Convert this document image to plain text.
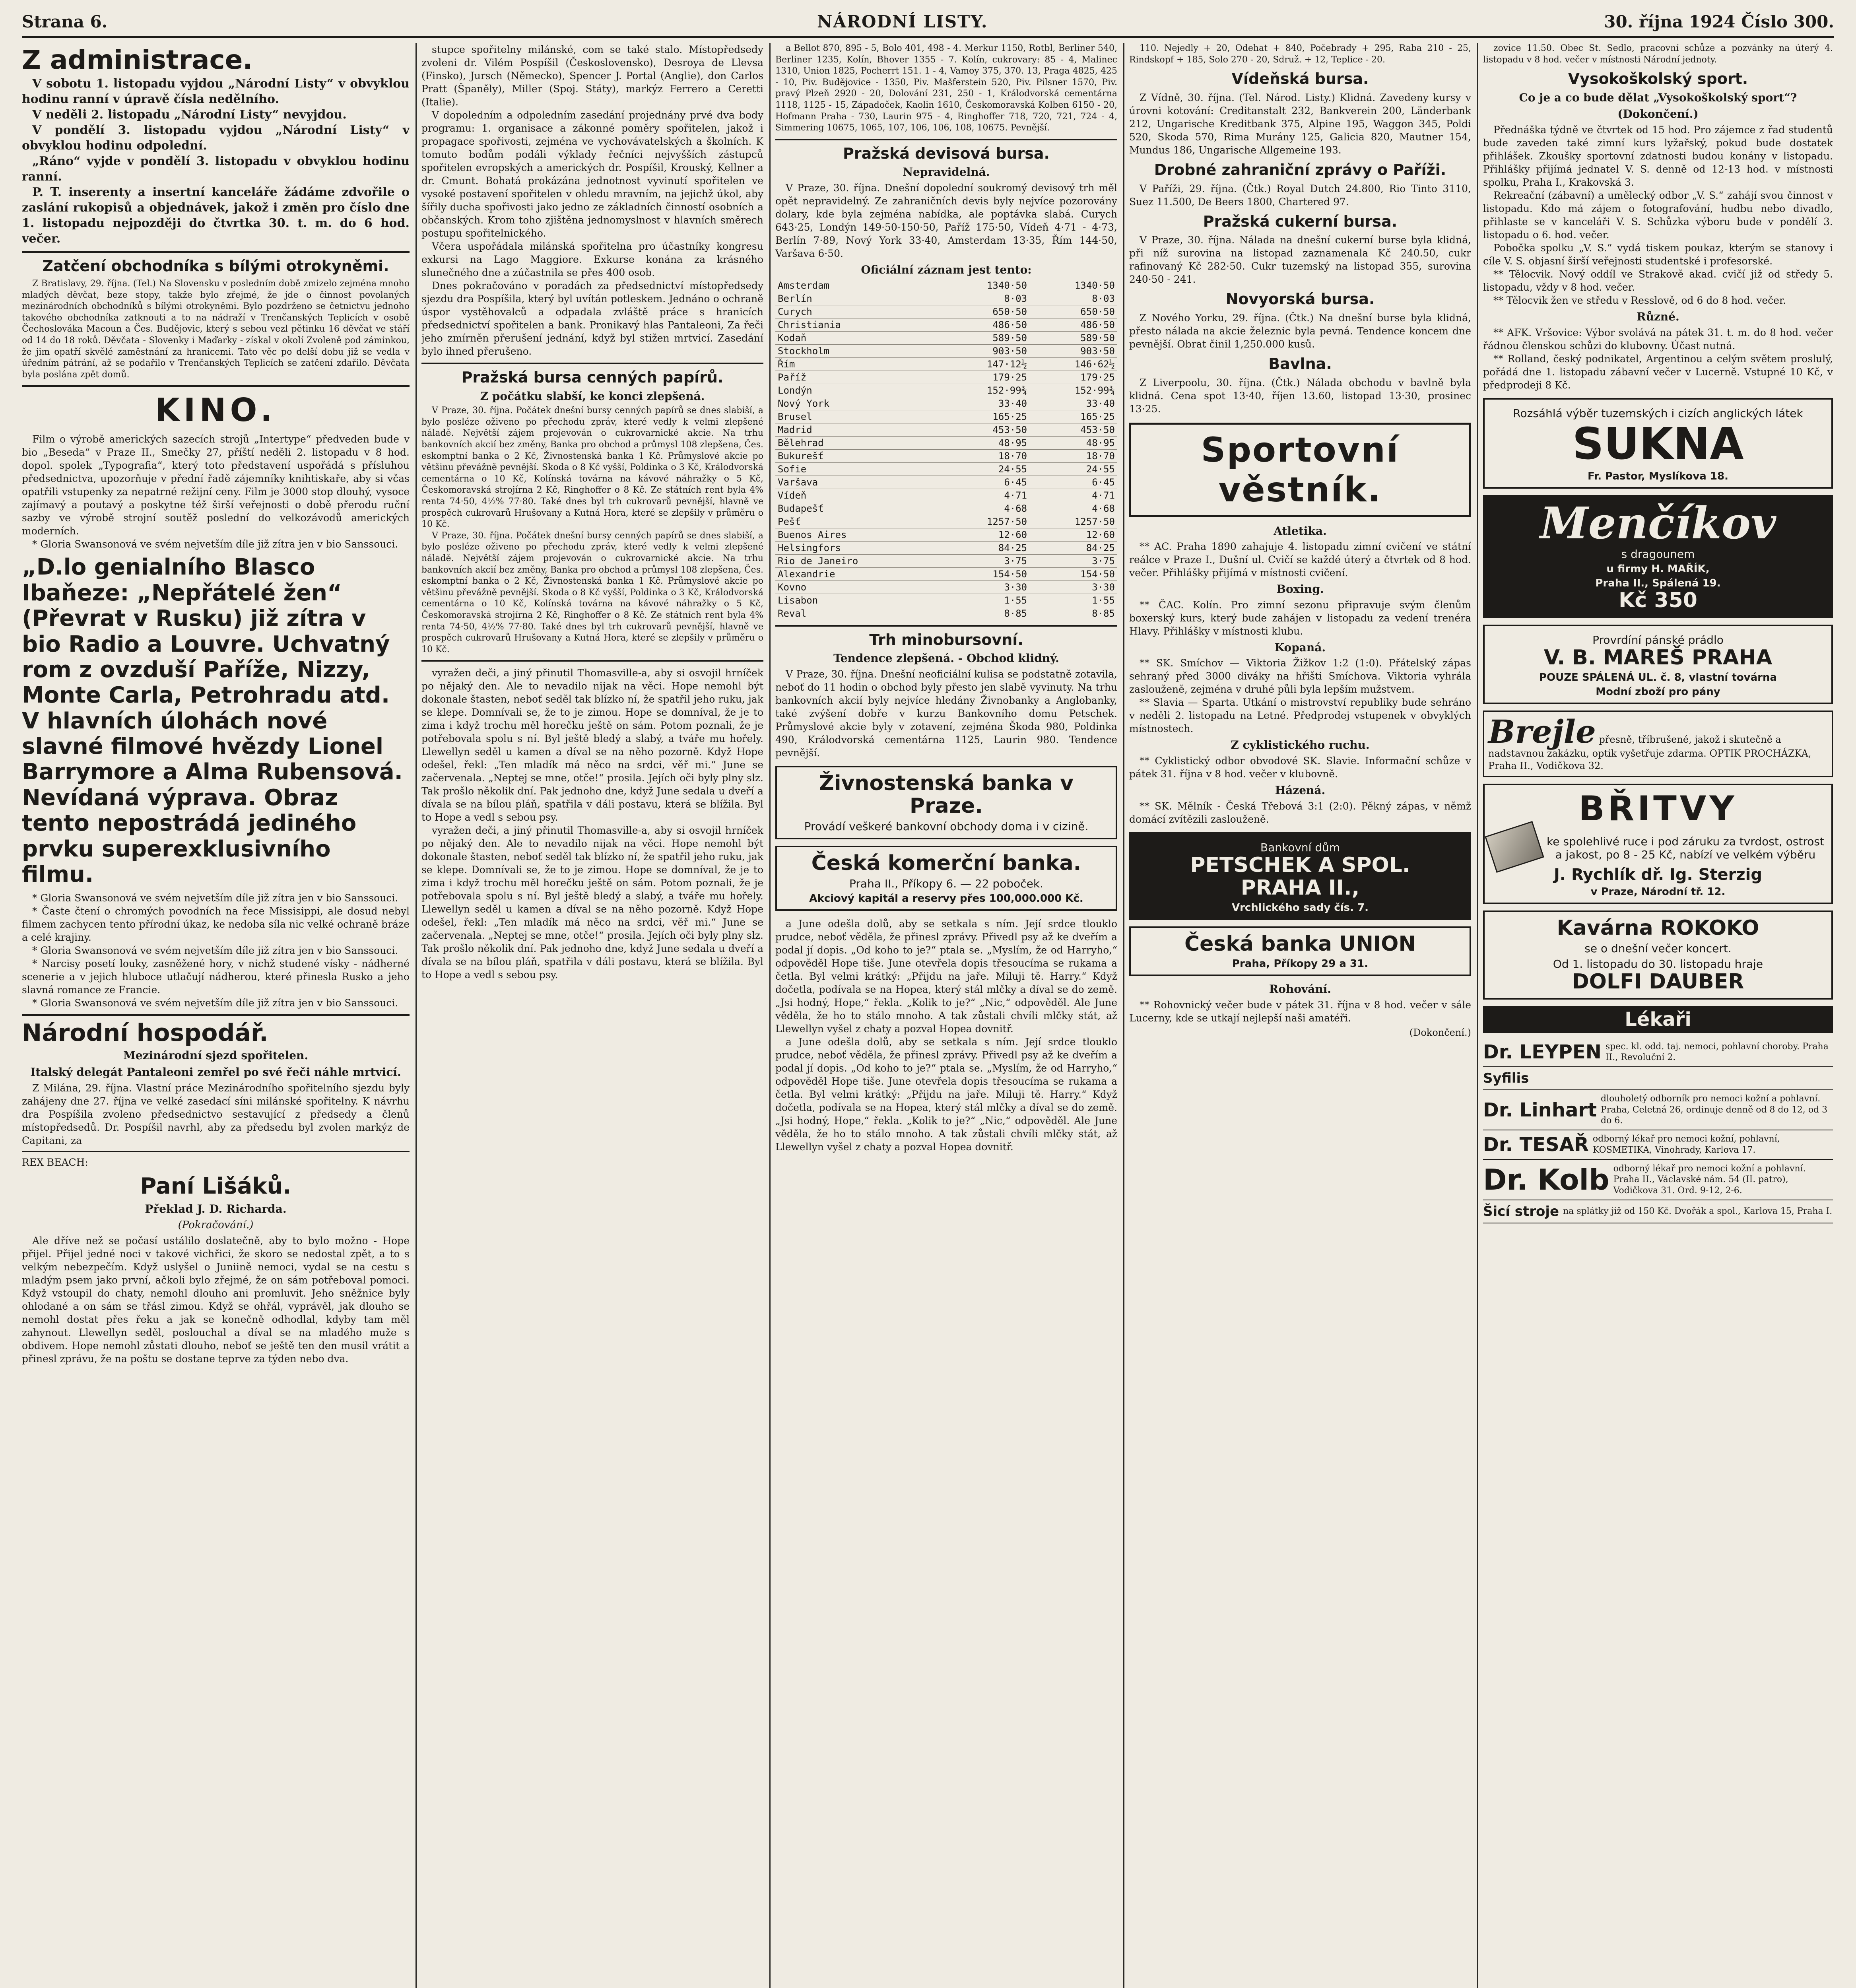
Strana 6.	NÁRODNÍ LISTY.	30. října 1924 Číslo 300.
Z administrace.

V sobotu 1. listopadu vyjdou „Národní Listy“ v obvyklou hodinu ranní v úpravě čísla nedělního.

V neděli 2. listopadu „Národní Listy“ nevyjdou.

V pondělí 3. listopadu vyjdou „Národní Listy“ v obvyklou hodinu odpolední.

„Ráno“ vyjde v pondělí 3. listopadu v obvyklou hodinu ranní.

P. T. inserenty a insertní kanceláře žádáme zdvořile o zaslání rukopisů a objednávek, jakož i změn pro číslo dne 1. listopadu nejpozději do čtvrtka 30. t. m. do 6 hod. večer.

Zatčení obchodníka s bílými otrokyněmi.

Z Bratislavy, 29. října. (Tel.) Na Slovensku v posledním době zmizelo zejména mnoho mladých děvčat, beze stopy, takže bylo zřejmé, že jde o činnost povolaných mezinárodních obchodníků s bílými otrokyněmi. Bylo pozdrženo se četnictvu jednoho takového obchodníka zatknouti a to na nádraží v Trenčanských Teplicích v osobě Čechoslováka Macoun a Čes. Budějovic, který s sebou vezl pětinku 16 děvčat ve stáří od 14 do 18 roků. Děvčata - Slovenky i Maďarky - získal v okolí Zvoleně pod záminkou, že jim opatří skvělé zaměstnání za hranicemi. Tato věc po delší dobu již se vedla v úředním pátrání, až se podařilo v Trenčanských Teplicích se zatčení zdařilo. Děvčata byla poslána zpět domů.

KINO.

Film o výrobě amerických sazecích strojů „Intertype“ předveden bude v bio „Beseda“ v Praze II., Smečky 27, příští neděli 2. listopadu v 8 hod. dopol. spolek „Typografia“, který toto představení uspořádá s přísluhou předsednictva, upozorňuje v přední řadě zájemníky knihtiskaře, aby si včas opatřili vstupenky za nepatrné režijní ceny. Film je 3000 stop dlouhý, vysoce zajímavý a poutavý a poskytne též širší veřejnosti o době přerodu ruční sazby ve výrobě strojní soutěž poslední do velkozávodů amerických moderních.

* Gloria Swansonová ve svém nejvetším díle již zítra jen v bio Sanssouci.

„D.lo genialního Blasco Ibaňeze: „Nepřátelé žen“ (Převrat v Rusku) již zítra v bio Radio a Louvre. Uchvatný rom z ovzduší Paříže, Nizzy, Monte Carla, Petrohradu atd. V hlavních úlohách nové slavné filmové hvězdy Lionel Barrymore a Alma Rubensová. Nevídaná výprava. Obraz tento nepostrádá jediného prvku superexklusivního filmu.

* Gloria Swansonová ve svém nejvetším díle již zítra jen v bio Sanssouci.

* Časte čtení o chromých povodních na řece Missisippi, ale dosud nebyl filmem zachycen tento přírodní úkaz, ke nedoba síla nic velké ochraně bráze a celé krajiny.

* Gloria Swansonová ve svém nejvetším díle již zítra jen v bio Sanssouci.

* Narcisy posetí louky, zasněžené hory, v nichž studené vísky - nádherné scenerie a v jejich hluboce utlačují nádherou, které přinesla Rusko a jeho slavná romance ze Francie.

* Gloria Swansonová ve svém nejvetším díle již zítra jen v bio Sanssouci.

Národní hospodář.
Mezinárodní sjezd spořitelen.
Italský delegát Pantaleoni zemřel po své řeči náhle mrtvicí.

Z Milána, 29. října. Vlastní práce Mezinárodního spořitelního sjezdu byly zahájeny dne 27. října ve velké zasedací síni milánské spořitelny. K návrhu dra Pospíšila zvoleno předsednictvo sestavující z předsedy a členů místopředsedů. Dr. Pospíšil navrhl, aby za předsedu byl zvolen markýz de Capitani, za

REX BEACH:

Paní Lišáků.
Překlad J. D. Richarda.
(Pokračování.)

Ale dříve než se počasí ustálilo doslatečně, aby to bylo možno - Hope přijel. Přijel jedné noci v takové vichřici, že skoro se nedostal zpět, a to s velkým nebezpečím. Když uslyšel o Juniině nemoci, vydal se na cestu s mladým psem jako první, ačkoli bylo zřejmé, že on sám potřeboval pomoci. Když vstoupil do chaty, nemohl dlouho ani promluvit. Jeho sněžnice byly ohlodané a on sám se třásl zimou. Když se ohřál, vyprávěl, jak dlouho se nemohl dostat přes řeku a jak se konečně odhodlal, kdyby tam měl zahynout. Llewellyn seděl, poslouchal a díval se na mladého muže s obdivem. Hope nemohl zůstati dlouho, neboť se ještě ten den musil vrátit a přinesl zprávu, že na poštu se dostane teprve za týden nebo dva.

stupce spořitelny milánské, com se také stalo. Místopředsedy zvoleni dr. Vilém Pospíšil (Československo), Desroya de Llevsa (Finsko), Jursch (Německo), Spencer J. Portal (Anglie), don Carlos Pratt (Španěly), Miller (Spoj. Státy), markýz Ferrero a Ceretti (Italie).

V dopoledním a odpoledním zasedání projednány prvé dva body programu: 1. organisace a zákonné poměry spořitelen, jakož i propagace spořivosti, zejména ve vychovávatelských a školních. K tomuto bodům podáli výklady řečníci nejvyšších zástupců spořitelen evropských a amerických dr. Pospíšil, Krouský, Kellner a dr. Cmunt. Bohatá prokázána jednotnost vyvinutí spořitelen ve vysoké postavení spořitelen v ohledu mravním, na jejichž úkol, aby šířily ducha spořivosti jako jedno ze základních činností osobních a občanských. Krom toho zjištěna jednomyslnost v hlavních směrech postupu spořitelnického.

Včera uspořádala milánská spořitelna pro účastníky kongresu exkursi na Lago Maggiore. Exkurse konána za krásného slunečného dne a zúčastnila se přes 400 osob.

Dnes pokračováno v poradách za předsednictví místopředsedy sjezdu dra Pospíšila, který byl uvítán potleskem. Jednáno o ochraně úspor vystěhovalců a odpadala zvláště práce s hranicích předsednictví spořitelen a bank. Pronikavý hlas Pantaleoni, Za řeči jeho zmírněn přerušení jednání, když byl stižen mrtvicí. Zasedání bylo ihned přerušeno.

Pražská bursa cenných papírů.
Z počátku slabší, ke konci zlepšená.

V Praze, 30. října. Počátek dnešní bursy cenných papírů se dnes slabiší, a bylo posléze oživeno po přechodu zpráv, které vedly k velmi zlepšené náladě. Největší zájem projevován o cukrovarnické akcie. Na trhu bankovních akcií bez změny, Banka pro obchod a průmysl 108 zlepšena, Čes. eskomptní banka o 2 Kč, Živnostenská banka 1 Kč. Průmyslové akcie po většinu převážně pevnější. Skoda o 8 Kč vyšší, Poldinka o 3 Kč, Králodvorská cementárna o 10 Kč, Kolínská továrna na kávové náhražky o 5 Kč, Českomoravská strojírna 2 Kč, Ringhoffer o 8 Kč. Ze státních rent byla 4% renta 74·50, 4½% 77·80. Také dnes byl trh cukrovarů pevnější, hlavně ve prospěch cukrovarů Hrušovany a Kutná Hora, které se zlepšily v průměru o 10 Kč.

V Praze, 30. října. Počátek dnešní bursy cenných papírů se dnes slabiší, a bylo posléze oživeno po přechodu zpráv, které vedly k velmi zlepšené náladě. Největší zájem projevován o cukrovarnické akcie. Na trhu bankovních akcií bez změny, Banka pro obchod a průmysl 108 zlepšena, Čes. eskomptní banka o 2 Kč, Živnostenská banka 1 Kč. Průmyslové akcie po většinu převážně pevnější. Skoda o 8 Kč vyšší, Poldinka o 3 Kč, Králodvorská cementárna o 10 Kč, Kolínská továrna na kávové náhražky o 5 Kč, Českomoravská strojírna 2 Kč, Ringhoffer o 8 Kč. Ze státních rent byla 4% renta 74·50, 4½% 77·80. Také dnes byl trh cukrovarů pevnější, hlavně ve prospěch cukrovarů Hrušovany a Kutná Hora, které se zlepšily v průměru o 10 Kč.

vyražen deči, a jiný přinutil Thomasville-a, aby si osvojil hrníček po nějaký den. Ale to nevadilo nijak na věci. Hope nemohl být dokonale štasten, neboť seděl tak blízko ní, že spatřil jeho ruku, jak se klepe. Domnívali se, že to je zimou. Hope se domníval, že je to zima i když trochu měl horečku ještě on sám. Potom poznali, že je potřebovala spolu s ní. Byl ještě bledý a slabý, a tváře mu hořely. Llewellyn seděl u kamen a díval se na něho pozorně. Když Hope odešel, řekl: „Ten mladík má něco na srdci, věř mi.“ June se začervenala. „Neptej se mne, otče!“ prosila. Jejích oči byly plny slz. Tak prošlo několik dní. Pak jednoho dne, když June sedala u dveří a dívala se na bílou pláň, spatřila v dáli postavu, která se blížila. Byl to Hope a vedl s sebou psy.

vyražen deči, a jiný přinutil Thomasville-a, aby si osvojil hrníček po nějaký den. Ale to nevadilo nijak na věci. Hope nemohl být dokonale štasten, neboť seděl tak blízko ní, že spatřil jeho ruku, jak se klepe. Domnívali se, že to je zimou. Hope se domníval, že je to zima i když trochu měl horečku ještě on sám. Potom poznali, že je potřebovala spolu s ní. Byl ještě bledý a slabý, a tváře mu hořely. Llewellyn seděl u kamen a díval se na něho pozorně. Když Hope odešel, řekl: „Ten mladík má něco na srdci, věř mi.“ June se začervenala. „Neptej se mne, otče!“ prosila. Jejích oči byly plny slz. Tak prošlo několik dní. Pak jednoho dne, když June sedala u dveří a dívala se na bílou pláň, spatřila v dáli postavu, která se blížila. Byl to Hope a vedl s sebou psy.

a Bellot 870, 895 - 5, Bolo 401, 498 - 4. Merkur 1150, Rotbl, Berliner 540, Berliner 1235, Kolín, Bhover 1355 - 7. Kolín, cukrovary: 85 - 4, Malinec 1310, Union 1825, Pocherrt 151. 1 - 4, Vamoy 375, 370. 13, Praga 4825, 425 - 10, Piv. Budějovice - 1350, Piv. Mašferstein 520, Piv. Pilsner 1570, Piv. pravý Plzeň 2920 - 20, Dolování 231, 250 - 1, Králodvorská cementárna 1118, 1125 - 15, Západoček, Kaolin 1610, Českomoravská Kolben 6150 - 20, Hofmann Praha - 730, Laurin 975 - 4, Ringhoffer 718, 720, 721, 724 - 4, Simmering 10675, 1065, 107, 106, 106, 108, 10675. Pevnější.

Pražská devisová bursa.
Nepravidelná.

V Praze, 30. října. Dnešní dopolední soukromý devisový trh měl opět nepravidelný. Ze zahraničních devis byly nejvíce pozorovány dolary, kde byla zejména nabídka, ale poptávka slabá. Curych 643·25, Londýn 149·50-150·50, Paříž 175·50, Vídeň 4·71 - 4·73, Berlín 7·89, Nový York 33·40, Amsterdam 13·35, Řím 144·50, Varšava 6·50.

Oficiální záznam jest tento:
Amsterdam	1340·50	1340·50
Berlín	8·03	8·03
Curych	650·50	650·50
Christiania	486·50	486·50
Kodaň	589·50	589·50
Stockholm	903·50	903·50
Řím	147·12½	146·62½
Paříž	179·25	179·25
Londýn	152·99¾	152·99¾
Nový York	33·40	33·40
Brusel	165·25	165·25
Madrid	453·50	453·50
Bělehrad	48·95	48·95
Bukurešť	18·70	18·70
Sofie	24·55	24·55
Varšava	6·45	6·45
Vídeň	4·71	4·71
Budapešť	4·68	4·68
Pešť	1257·50	1257·50
Buenos Aires	12·60	12·60
Helsingfors	84·25	84·25
Rio de Janeiro	3·75	3·75
Alexandrie	154·50	154·50
Kovno	3·30	3·30
Lisabon	1·55	1·55
Reval	8·85	8·85
Trh minobursovní.
Tendence zlepšená. - Obchod klidný.

V Praze, 30. října. Dnešní neoficiální kulisa se podstatně zotavila, neboť do 11 hodin o obchod byly přesto jen slabě vyvinuty. Na trhu bankovních akcií byly nejvíce hledány Živnobanky a Anglobanky, také zvýšení dobře v kurzu Bankovního domu Petschek. Průmyslové akcie byly v zotavení, zejména Škoda 980, Poldinka 490, Králodvorská cementárna 1125, Laurin 980. Tendence pevnější.

Živnostenská banka v Praze.
Provádí veškeré bankovní obchody doma i v cizině.
Česká komerční banka.
Praha II., Příkopy 6. — 22 poboček.
Akciový kapitál a reservy přes 100,000.000 Kč.

a June odešla dolů, aby se setkala s ním. Její srdce tlouklo prudce, neboť věděla, že přinesl zprávy. Přivedl psy až ke dveřím a podal jí dopis. „Od koho to je?“ ptala se. „Myslím, že od Harryho,“ odpověděl Hope tiše. June otevřela dopis třesoucíma se rukama a četla. Byl velmi krátký: „Přijdu na jaře. Miluji tě. Harry.“ Když dočetla, podívala se na Hopea, který stál mlčky a díval se do země. „Jsi hodný, Hope,“ řekla. „Kolik to je?“ „Nic,“ odpověděl. Ale June věděla, že ho to stálo mnoho. A tak zůstali chvíli mlčky stát, až Llewellyn vyšel z chaty a pozval Hopea dovnitř.

a June odešla dolů, aby se setkala s ním. Její srdce tlouklo prudce, neboť věděla, že přinesl zprávy. Přivedl psy až ke dveřím a podal jí dopis. „Od koho to je?“ ptala se. „Myslím, že od Harryho,“ odpověděl Hope tiše. June otevřela dopis třesoucíma se rukama a četla. Byl velmi krátký: „Přijdu na jaře. Miluji tě. Harry.“ Když dočetla, podívala se na Hopea, který stál mlčky a díval se do země. „Jsi hodný, Hope,“ řekla. „Kolik to je?“ „Nic,“ odpověděl. Ale June věděla, že ho to stálo mnoho. A tak zůstali chvíli mlčky stát, až Llewellyn vyšel z chaty a pozval Hopea dovnitř.

110. Nejedly + 20, Odehat + 840, Počebrady + 295, Raba 210 - 25, Rindskopf + 185, Solo 270 - 20, Sdruž. + 12, Teplice - 20.

Vídeňská bursa.

Z Vídně, 30. října. (Tel. Národ. Listy.) Klidná. Zavedeny kursy v úrovni kotování: Creditanstalt 232, Bankverein 200, Länderbank 212, Ungarische Kreditbank 375, Alpine 195, Waggon 345, Poldi 520, Skoda 570, Rima Murány 125, Galicia 820, Mautner 154, Mundus 186, Ungarische Allgemeine 193.

Drobné zahraniční zprávy o Paříži.

V Paříži, 29. října. (Čtk.) Royal Dutch 24.800, Rio Tinto 3110, Suez 11.500, De Beers 1800, Chartered 97.

Pražská cukerní bursa.

V Praze, 30. října. Nálada na dnešní cukerní burse byla klidná, při níž surovina na listopad zaznamenala Kč 240.50, cukr rafinovaný Kč 282·50. Cukr tuzemský na listopad 355, surovina 240·50 - 241.

Novyorská bursa.

Z Nového Yorku, 29. října. (Čtk.) Na dnešní burse byla klidná, přesto nálada na akcie železnic byla pevná. Tendence koncem dne pevnější. Obrat činil 1,250.000 kusů.

Bavlna.

Z Liverpoolu, 30. října. (Čtk.) Nálada obchodu v bavlně byla klidná. Cena spot 13·40, říjen 13.60, listopad 13·30, prosinec 13·25.

Sportovní věstník.
Atletika.

** AC. Praha 1890 zahajuje 4. listopadu zimní cvičení ve státní reálce v Praze I., Dušní ul. Cvičí se každé úterý a čtvrtek od 8 hod. večer. Přihlášky přijímá v místnosti cvičení.

Boxing.

** ČAC. Kolín. Pro zimní sezonu připravuje svým členům boxerský kurs, který bude zahájen v listopadu za vedení trenéra Hlavy. Přihlášky v místnosti klubu.

Kopaná.

** SK. Smíchov — Viktoria Žižkov 1:2 (1:0). Přátelský zápas sehraný před 3000 diváky na hřišti Smíchova. Viktoria vyhrála zaslouženě, zejména v druhé půli byla lepším mužstvem.

** Slavia — Sparta. Utkání o mistrovství republiky bude sehráno v neděli 2. listopadu na Letné. Předprodej vstupenek v obvyklých místnostech.

Z cyklistického ruchu.

** Cyklistický odbor obvodové SK. Slavie. Informační schůze v pátek 31. října v 8 hod. večer v klubovně.

Házená.

** SK. Mělník - Česká Třebová 3:1 (2:0). Pěkný zápas, v němž domácí zvítězili zaslouženě.

Bankovní dům
PETSCHEK A SPOL.
PRAHA II.,
Vrchlického sady čís. 7.
Česká banka UNION
Praha, Příkopy 29 a 31.
Rohování.

** Rohovnický večer bude v pátek 31. října v 8 hod. večer v sále Lucerny, kde se utkají nejlepší naši amatéři.

(Dokončení.)

zovice 11.50. Obec St. Sedlo, pracovní schůze a pozvánky na úterý 4. listopadu v 8 hod. večer v místnosti Národní jednoty.

Vysokoškolský sport.
Co je a co bude dělat „Vysokoškolský sport“?
(Dokončení.)

Přednáška týdně ve čtvrtek od 15 hod. Pro zájemce z řad studentů bude zaveden také zimní kurs lyžařský, pokud bude dostatek přihlášek. Zkoušky sportovní zdatnosti budou konány v listopadu. Přihlášky přijímá jednatel V. S. denně od 12-13 hod. v místnosti spolku, Praha I., Krakovská 3.

Rekreační (zábavní) a umělecký odbor „V. S.“ zahájí svou činnost v listopadu. Kdo má zájem o fotografování, hudbu nebo divadlo, přihlaste se v kanceláři V. S. Schůzka výboru bude v pondělí 3. listopadu o 6. hod. večer.

Pobočka spolku „V. S.“ vydá tiskem poukaz, kterým se stanovy i cíle V. S. objasní širší veřejnosti studentské i profesorské.

** Tělocvik. Nový oddíl ve Strakově akad. cvičí již od středy 5. listopadu, vždy v 8 hod. večer.

** Tělocvik žen ve středu v Resslově, od 6 do 8 hod. večer.

Různé.

** AFK. Vršovice: Výbor svolává na pátek 31. t. m. do 8 hod. večer řádnou členskou schůzi do klubovny. Účast nutná.

** Rolland, český podnikatel, Argentinou a celým světem proslulý, pořádá dne 1. listopadu zábavní večer v Lucerně. Vstupné 10 Kč, v předprodeji 8 Kč.

Rozsáhlá výběr tuzemských i cizích anglických látek
SUKNA
Fr. Pastor, Myslíkova 18.
Menčíkov
s dragounem
u firmy H. MAŘÍK,
Praha II., Spálená 19.
Kč 350
Provrdíní pánské prádlo
V. B. MAREŠ PRAHA
POUZE SPÁLENÁ UL. č. 8, vlastní továrna
Modní zboží pro pány
Brejle přesně, tříbrušené, jakož i skutečně a nadstavnou zakázku, optik vyšetřuje zdarma. OPTIK PROCHÁZKA, Praha II., Vodičkova 32.
BŘITVY
ke spolehlivé ruce i pod záruku za tvrdost, ostrost a jakost, po 8 - 25 Kč, nabízí ve velkém výběru
J. Rychlík dř. Ig. Sterzig
v Praze, Národní tř. 12.
Kavárna ROKOKO
se o dnešní večer koncert.
Od 1. listopadu do 30. listopadu hraje
DOLFI DAUBER
Lékaři
Dr. LEYPEN spec. kl. odd. taj. nemoci, pohlavní choroby. Praha II., Revoluční 2.
Syfilis
Dr. Linhart dlouholetý odborník pro nemoci kožní a pohlavní. Praha, Celetná 26, ordinuje denně od 8 do 12, od 3 do 6.
Dr. TESAŘ odborný lékař pro nemoci kožní, pohlavní, KOSMETIKA, Vinohrady, Karlova 17.
Dr. Kolb odborný lékař pro nemoci kožní a pohlavní. Praha II., Václavské nám. 54 (II. patro), Vodičkova 31. Ord. 9-12, 2-6.
Šicí stroje na splátky již od 150 Kč. Dvořák a spol., Karlova 15, Praha I.
